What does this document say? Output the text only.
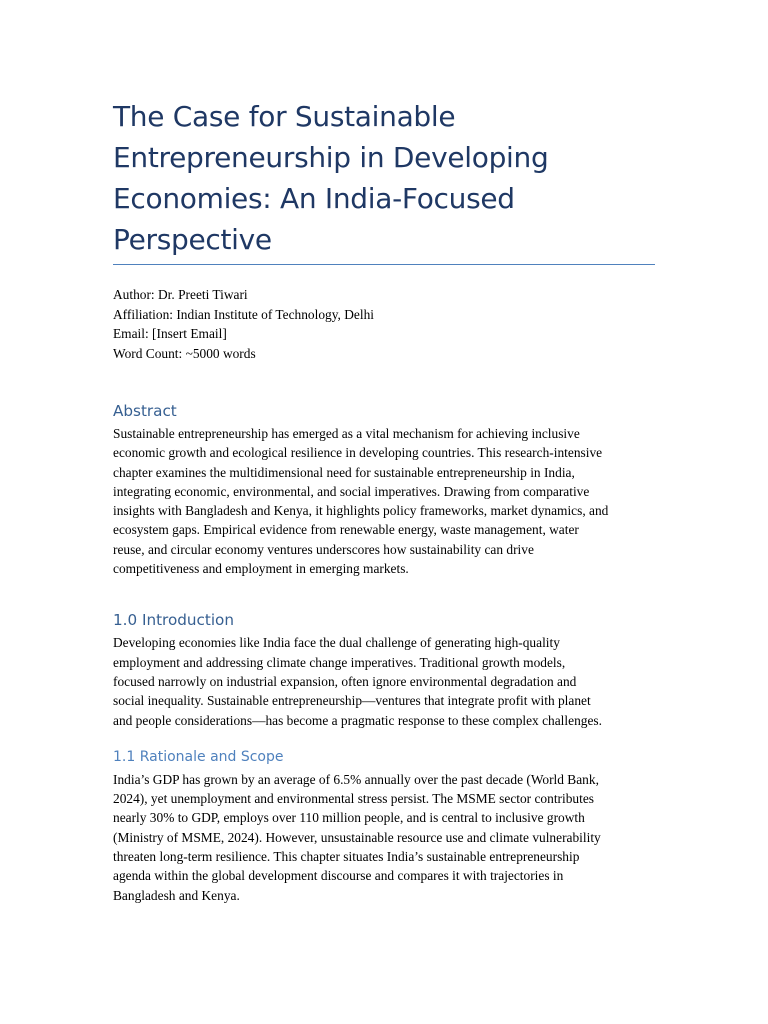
The Case for Sustainable
Entrepreneurship in Developing
Economies: An India-Focused
Perspective
Author: Dr. Preeti Tiwari
Affiliation: Indian Institute of Technology, Delhi
Email: [Insert Email]
Word Count: ~5000 words
Abstract

Sustainable entrepreneurship has emerged as a vital mechanism for achieving inclusive
economic growth and ecological resilience in developing countries. This research-intensive
chapter examines the multidimensional need for sustainable entrepreneurship in India,
integrating economic, environmental, and social imperatives. Drawing from comparative
insights with Bangladesh and Kenya, it highlights policy frameworks, market dynamics, and
ecosystem gaps. Empirical evidence from renewable energy, waste management, water
reuse, and circular economy ventures underscores how sustainability can drive
competitiveness and employment in emerging markets.

1.0 Introduction

Developing economies like India face the dual challenge of generating high-quality
employment and addressing climate change imperatives. Traditional growth models,
focused narrowly on industrial expansion, often ignore environmental degradation and
social inequality. Sustainable entrepreneurship—ventures that integrate profit with planet
and people considerations—has become a pragmatic response to these complex challenges.

1.1 Rationale and Scope

India’s GDP has grown by an average of 6.5% annually over the past decade (World Bank,
2024), yet unemployment and environmental stress persist. The MSME sector contributes
nearly 30% to GDP, employs over 110 million people, and is central to inclusive growth
(Ministry of MSME, 2024). However, unsustainable resource use and climate vulnerability
threaten long-term resilience. This chapter situates India’s sustainable entrepreneurship
agenda within the global development discourse and compares it with trajectories in
Bangladesh and Kenya.
